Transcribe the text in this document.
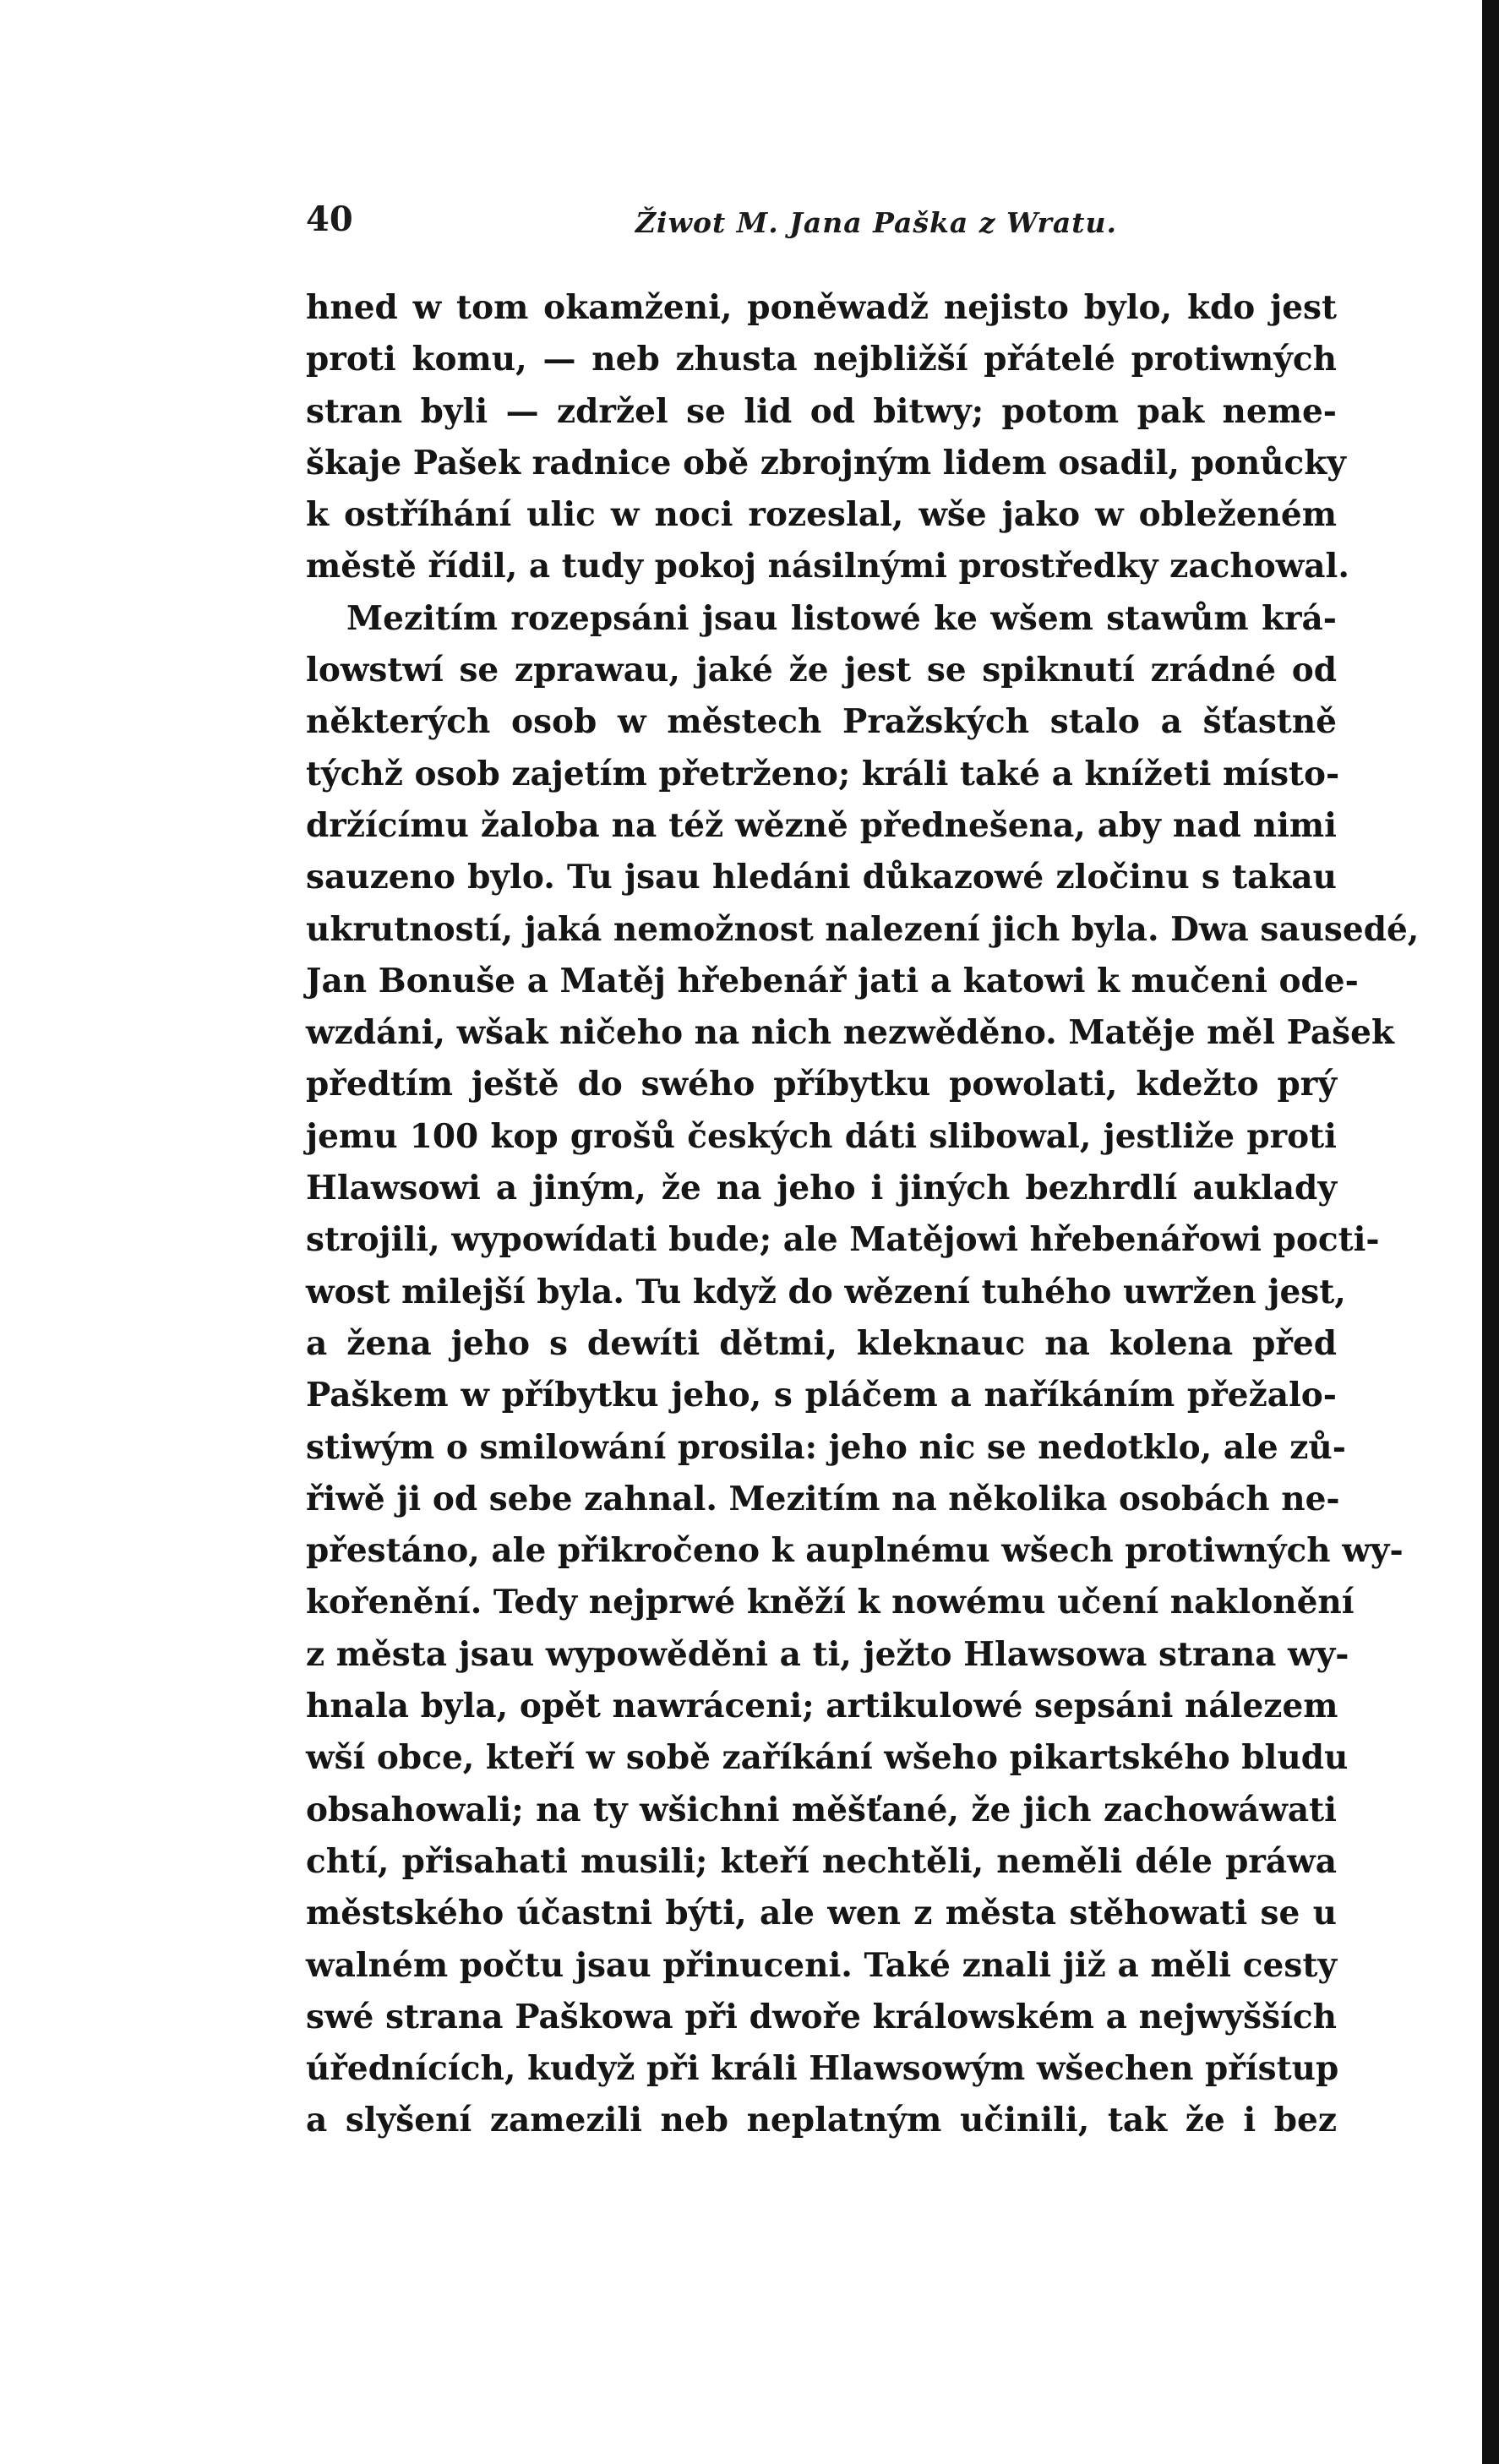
40	Žiwot M. Jana Paška z Wratu.
hned w tom okamženi, poněwadž nejisto bylo, kdo jest
proti komu, — neb zhusta nejbližší přátelé protiwných
stran byli — zdržel se lid od bitwy; potom pak neme-
škaje Pašek radnice obě zbrojným lidem osadil, ponůcky
k ostříhání ulic w noci rozeslal, wše jako w obleženém
městě řídil, a tudy pokoj násilnými prostředky zachowal.
Mezitím rozepsáni jsau listowé ke wšem stawům krá-
lowstwí se zprawau, jaké že jest se spiknutí zrádné od
některých osob w městech Pražských stalo a šťastně
týchž osob zajetím přetrženo; králi také a knížeti místo-
držícímu žaloba na též wězně přednešena, aby nad nimi
sauzeno bylo. Tu jsau hledáni důkazowé zločinu s takau
ukrutností, jaká nemožnost nalezení jich byla. Dwa sausedé,
Jan Bonuše a Matěj hřebenář jati a katowi k mučeni ode-
wzdáni, wšak ničeho na nich nezwěděno. Matěje měl Pašek
předtím ještě do swého příbytku powolati, kdežto prý
jemu 100 kop grošů českých dáti slibowal, jestliže proti
Hlawsowi a jiným, že na jeho i jiných bezhrdlí auklady
strojili, wypowídati bude; ale Matějowi hřebenářowi pocti-
wost milejší byla. Tu když do wězení tuhého uwržen jest,
a žena jeho s dewíti dětmi, kleknauc na kolena před
Paškem w příbytku jeho, s pláčem a naříkáním přežalo-
stiwým o smilowání prosila: jeho nic se nedotklo, ale zů-
řiwě ji od sebe zahnal. Mezitím na několika osobách ne-
přestáno, ale přikročeno k auplnému wšech protiwných wy-
kořenění. Tedy nejprwé kněží k nowému učení naklonění
z města jsau wypowěděni a ti, ježto Hlawsowa strana wy-
hnala byla, opět nawráceni; artikulowé sepsáni nálezem
wší obce, kteří w sobě zaříkání wšeho pikartského bludu
obsahowali; na ty wšichni měšťané, že jich zachowáwati
chtí, přisahati musili; kteří nechtěli, neměli déle práwa
městského účastni býti, ale wen z města stěhowati se u
walném počtu jsau přinuceni. Také znali již a měli cesty
swé strana Paškowa při dwoře králowském a nejwyšších
úřednících, kudyž při králi Hlawsowým wšechen přístup
a slyšení zamezili neb neplatným učinili, tak že i bez
